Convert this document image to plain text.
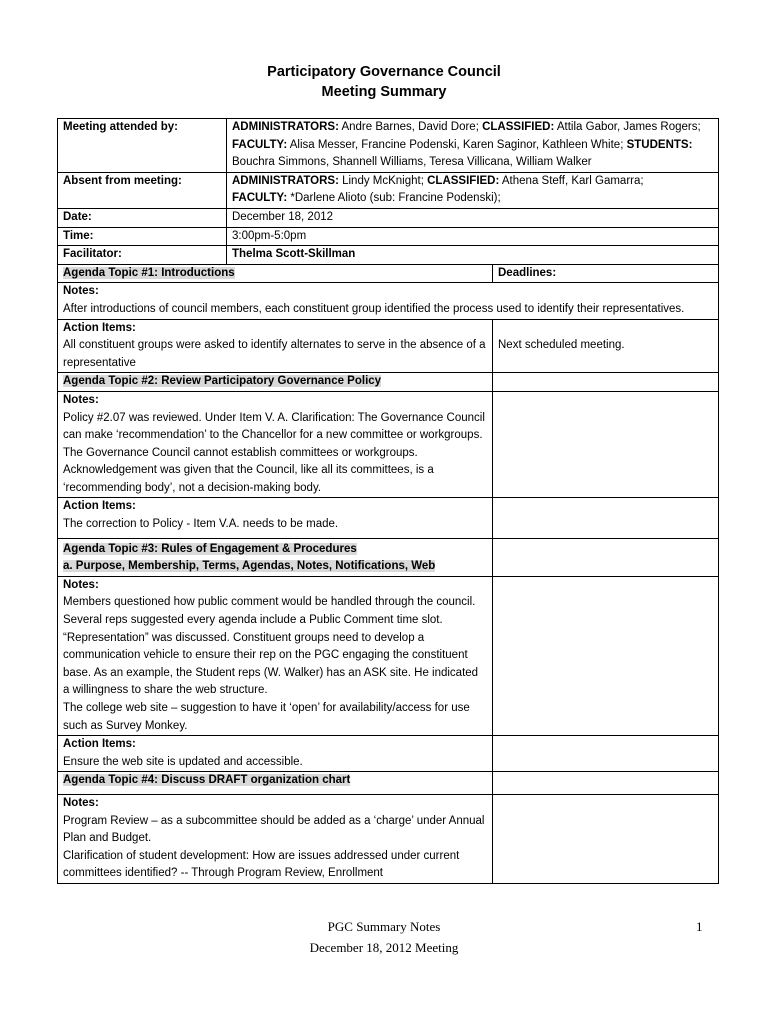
Participatory Governance Council
Meeting Summary
Meeting attended by:	ADMINISTRATORS: Andre Barnes, David Dore; CLASSIFIED: Attila Gabor, James Rogers; FACULTY: Alisa Messer, Francine Podenski, Karen Saginor, Kathleen White; STUDENTS: Bouchra Simmons, Shannell Williams, Teresa Villicana, William Walker	
Absent from meeting:	ADMINISTRATORS: Lindy McKnight; CLASSIFIED: Athena Steff, Karl Gamarra;
FACULTY: *Darlene Alioto (sub: Francine Podenski);	
Date:	December 18, 2012	
Time:	3:00pm-5:0pm	
Facilitator:	Thelma Scott-Skillman	
Agenda Topic #1: Introductions		Deadlines:

Notes:
After introductions of council members, each constituent group identified the process used to identify their representatives.		

Action Items:
All constituent groups were asked to identify alternates to serve in the absence of a representative		Next scheduled meeting.

Agenda Topic #2: Review Participatory Governance Policy		

Notes:
Policy #2.07 was reviewed. Under Item V. A. Clarification: The Governance Council can make ‘recommendation’ to the Chancellor for a new committee or workgroups. The Governance Council cannot establish committees or workgroups.
Acknowledgement was given that the Council, like all its committees, is a ‘recommending body’, not a decision-making body.		

Action Items:
The correction to Policy - Item V.A. needs to be made.		

Agenda Topic #3: Rules of Engagement & Procedures
a. Purpose, Membership, Terms, Agendas, Notes, Notifications, Web		

Notes:
Members questioned how public comment would be handled through the council. Several reps suggested every agenda include a Public Comment time slot. “Representation” was discussed. Constituent groups need to develop a communication vehicle to ensure their rep on the PGC engaging the constituent base. As an example, the Student reps (W. Walker) has an ASK site. He indicated a willingness to share the web structure.
The college web site – suggestion to have it ‘open’ for availability/access for use such as Survey Monkey.		

Action Items:
Ensure the web site is updated and accessible.		

Agenda Topic #4: Discuss DRAFT organization chart	

Notes:
Program Review – as a subcommittee should be added as a ‘charge’ under Annual Plan and Budget.
Clarification of student development: How are issues addressed under current committees identified? -- Through Program Review, Enrollment		

PGC Summary Notes
December 18, 2012 Meeting
1
